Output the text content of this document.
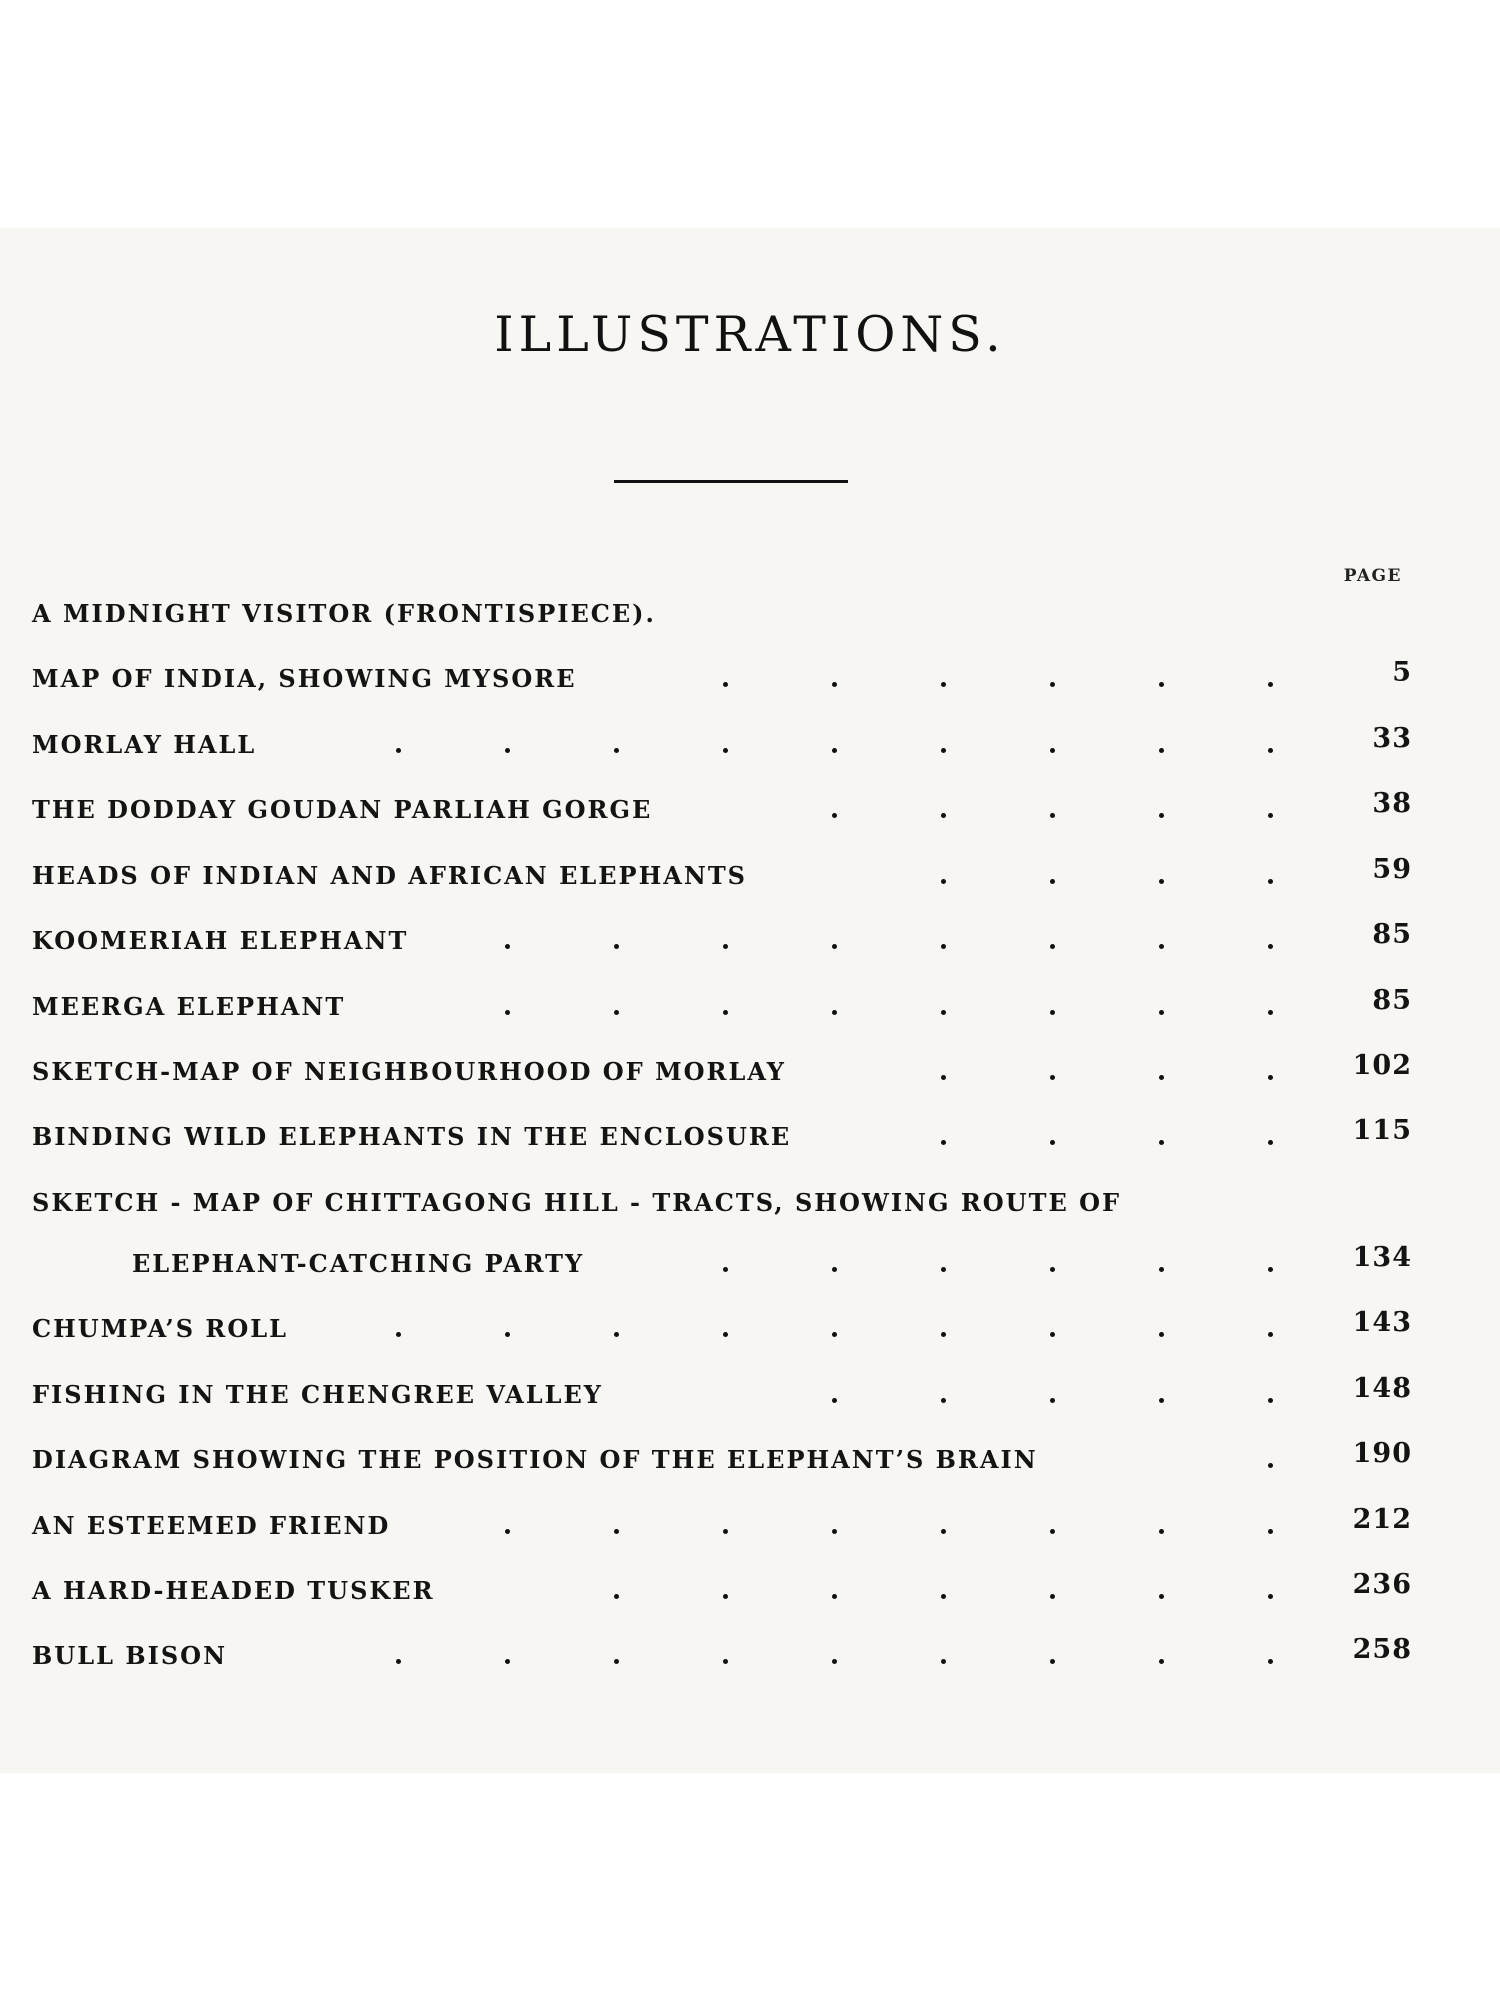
ILLUSTRATIONS.
PAGE
A MIDNIGHT VISITOR (FRONTISPIECE).
MAP OF INDIA, SHOWING MYSORE	5
MORLAY HALL	33
THE DODDAY GOUDAN PARLIAH GORGE	38
HEADS OF INDIAN AND AFRICAN ELEPHANTS	59
KOOMERIAH ELEPHANT	85
MEERGA ELEPHANT	85
SKETCH-MAP OF NEIGHBOURHOOD OF MORLAY	102
BINDING WILD ELEPHANTS IN THE ENCLOSURE	115
SKETCH - MAP OF CHITTAGONG HILL - TRACTS, SHOWING ROUTE OF
ELEPHANT-CATCHING PARTY	134
CHUMPA’S ROLL	143
FISHING IN THE CHENGREE VALLEY	148
DIAGRAM SHOWING THE POSITION OF THE ELEPHANT’S BRAIN	190
AN ESTEEMED FRIEND	212
A HARD-HEADED TUSKER	236
BULL BISON	258
